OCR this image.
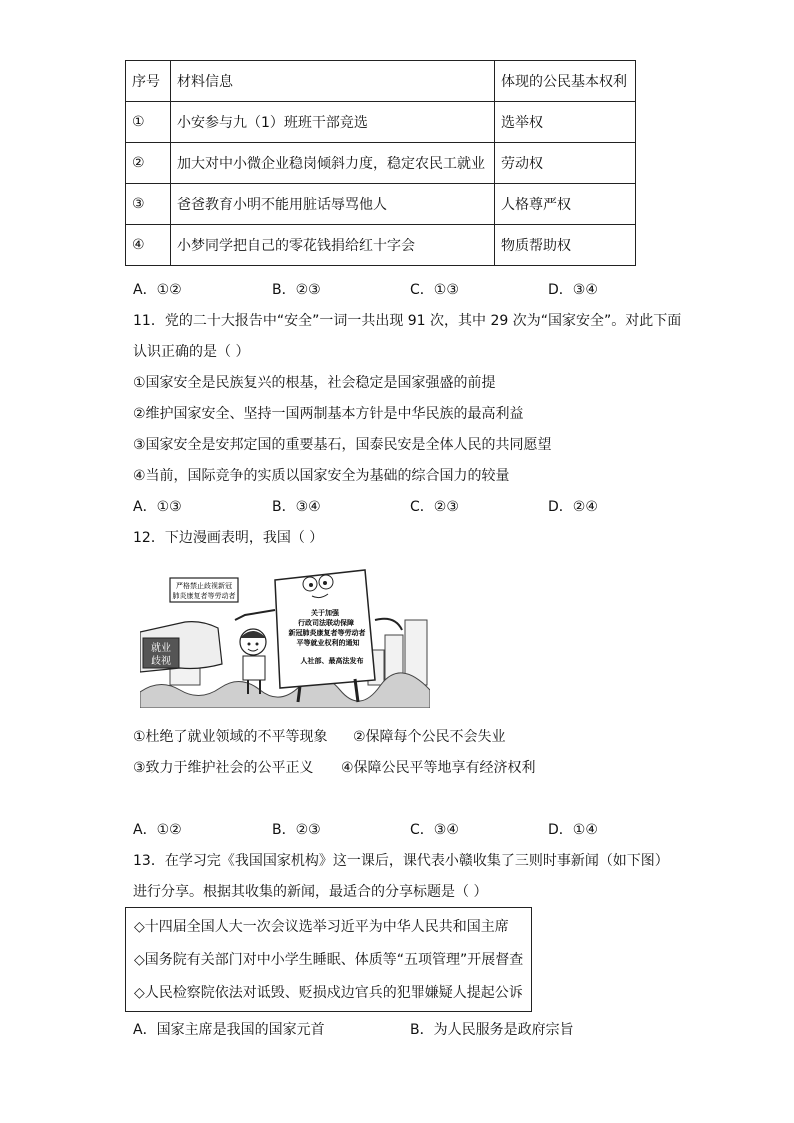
序号	材料信息	体现的公民基本权利
①	小安参与九（1）班班干部竞选	选举权
②	加大对中小微企业稳岗倾斜力度，稳定农民工就业	劳动权
③	爸爸教育小明不能用脏话辱骂他人	人格尊严权
④	小梦同学把自己的零花钱捐给红十字会	物质帮助权
A．①②	B．②③	C．①③	D．③④
11．党的二十大报告中“安全”一词一共出现 91 次，其中 29 次为“国家安全”。对此下面
认识正确的是（ ）
①国家安全是民族复兴的根基，社会稳定是国家强盛的前提
②维护国家安全、坚持一国两制基本方针是中华民族的最高利益
③国家安全是安邦定国的重要基石，国泰民安是全体人民的共同愿望
④当前，国际竞争的实质以国家安全为基础的综合国力的较量
A．①③	B．③④	C．②③	D．②④
12．下边漫画表明，我国（ ）
严格禁止歧视新冠
肺炎康复者等劳动者
关于加强
行政司法联动保障
新冠肺炎康复者等劳动者
平等就业权利的通知
人社部、最高法发布
就业
歧视
①杜绝了就业领域的不平等现象 ②保障每个公民不会失业
③致力于维护社会的公平正义 ④保障公民平等地享有经济权利
A．①②	B．②③	C．③④	D．①④
13．在学习完《我国国家机构》这一课后，课代表小赣收集了三则时事新闻（如下图）
进行分享。根据其收集的新闻，最适合的分享标题是（ ）
◇十四届全国人大一次会议选举习近平为中华人民共和国主席
◇国务院有关部门对中小学生睡眠、体质等“五项管理”开展督查
◇人民检察院依法对诋毁、贬损戍边官兵的犯罪嫌疑人提起公诉
A．国家主席是我国的国家元首	B．为人民服务是政府宗旨
